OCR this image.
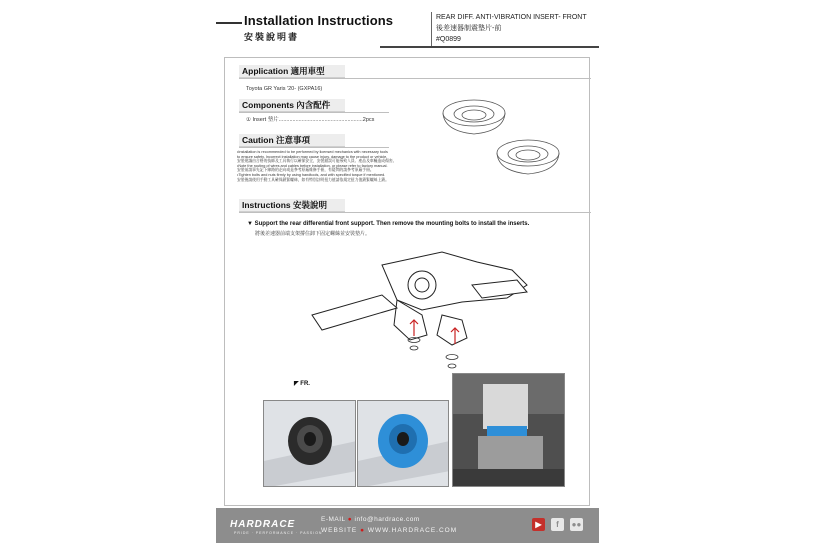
Installation Instructions
安裝說明書
REAR DIFF. ANTI-VIBRATION INSERT- FRONT
後差速器制震墊片-前
#Q0899
Application 適用車型
Toyota GR Yaris '20- (GXPA16)
Components 內含配件
① Insert 墊片.......................................................2pcs
Caution 注意事項
Instructions 安裝說明
•Installation is recommended to be performed by licensed mechanics with necessary tools
to ensure safety. Incorrect installation may cause injury, damage to the product or vehicle.
安裝建議由合格的技師及工具執行以確保安全，安裝錯誤可能導致人員、產品及車輛造成傷害。
•Note the routing of wires and cables before installation, or please refer to factory manual.
安裝前請事先記下線路的走向或是參考原廠維修手冊，有疑問的請參考原廠手冊。
•Tighten bolts and nuts firmly by using handtools, and with specified torque if mentioned.
安裝後請使用手動工具確保鎖緊螺絲，如有特別註明扭力值請依規定扭力值鎖緊螺絲上鎖。
▼ Support the rear differential front support. Then remove the mounting bolts to install the inserts.
將後差速器前端支架撐住卸下固定螺絲並安裝墊片。
◤ FR.
HARDRACE
PRIDE · PERFORMANCE · PASSION
E-MAIL ● info@hardrace.com
WEBSITE ● WWW.HARDRACE.COM
▶	f	●●
